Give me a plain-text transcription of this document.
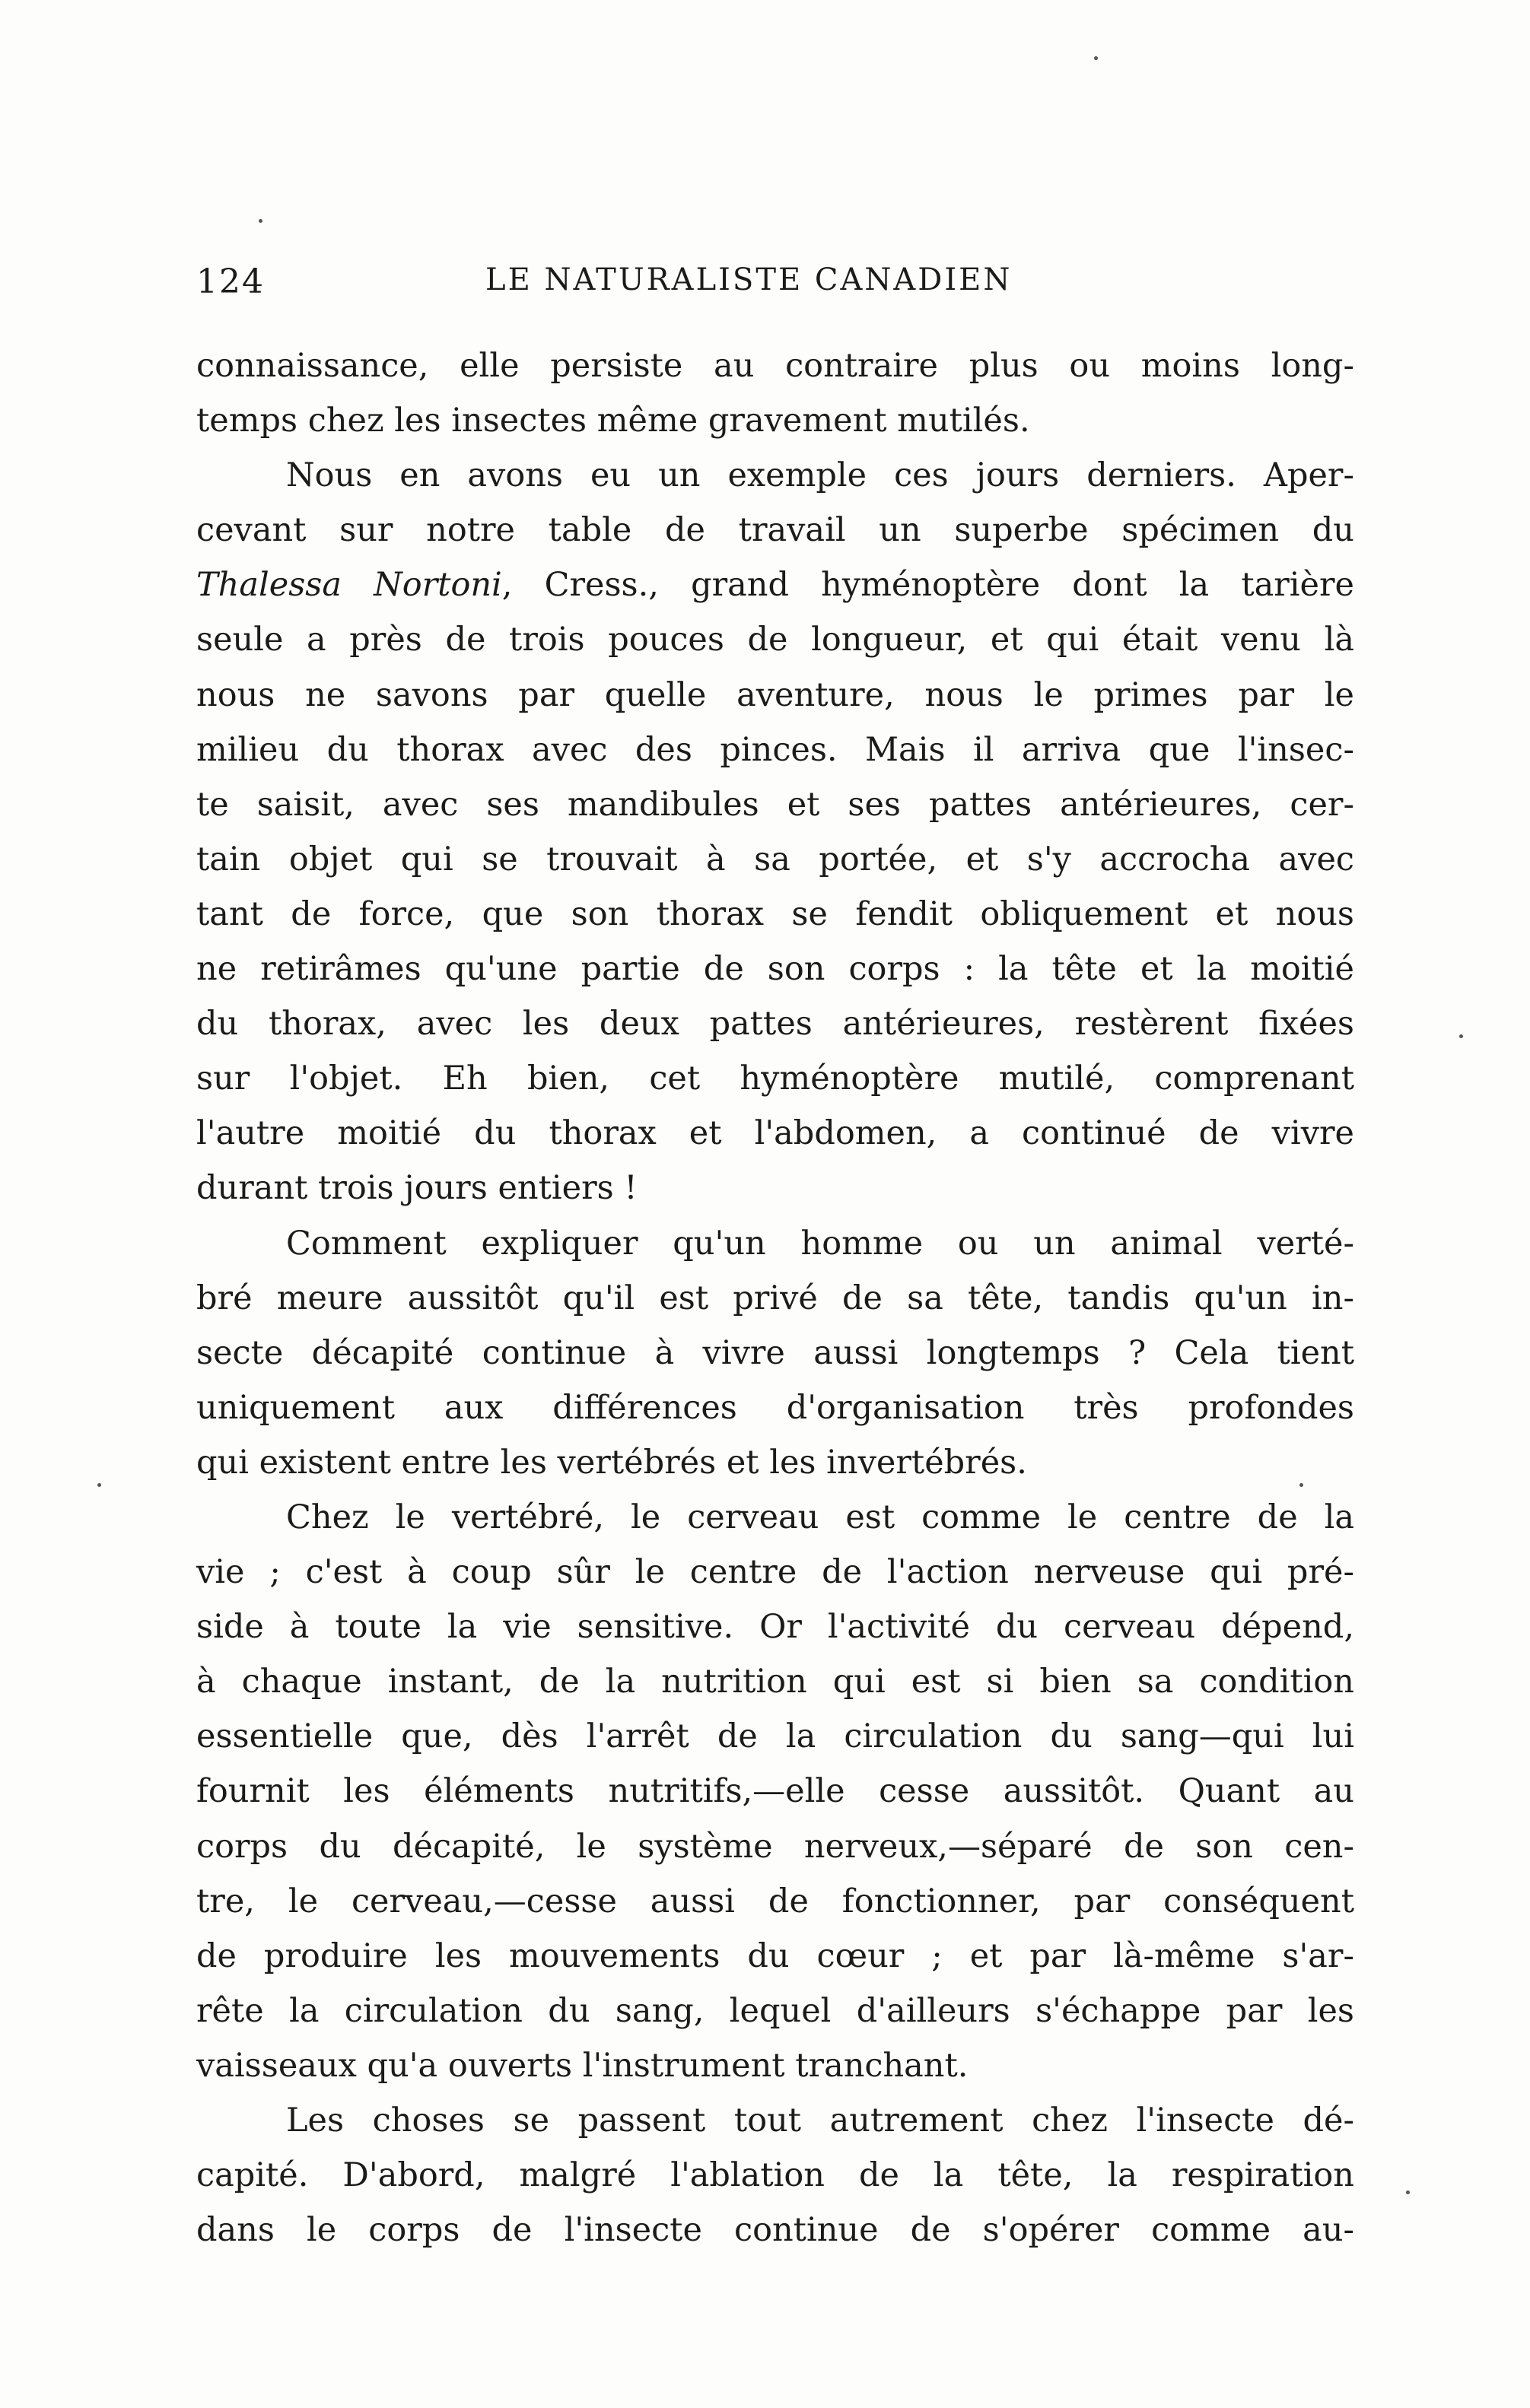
124	LE NATURALISTE CANADIEN
connaissance, elle persiste au contraire plus ou moins long-
temps chez les insectes même gravement mutilés.
Nous en avons eu un exemple ces jours derniers. Aper-
cevant sur notre table de travail un superbe spécimen du
Thalessa Nortoni, Cress., grand hyménoptère dont la tarière
seule a près de trois pouces de longueur, et qui était venu là
nous ne savons par quelle aventure, nous le primes par le
milieu du thorax avec des pinces. Mais il arriva que l'insec-
te saisit, avec ses mandibules et ses pattes antérieures, cer-
tain objet qui se trouvait à sa portée, et s'y accrocha avec
tant de force, que son thorax se fendit obliquement et nous
ne retirâmes qu'une partie de son corps : la tête et la moitié
du thorax, avec les deux pattes antérieures, restèrent fixées
sur l'objet. Eh bien, cet hyménoptère mutilé, comprenant
l'autre moitié du thorax et l'abdomen, a continué de vivre
durant trois jours entiers !
Comment expliquer qu'un homme ou un animal verté-
bré meure aussitôt qu'il est privé de sa tête, tandis qu'un in-
secte décapité continue à vivre aussi longtemps ? Cela tient
uniquement aux différences d'organisation très profondes
qui existent entre les vertébrés et les invertébrés.
Chez le vertébré, le cerveau est comme le centre de la
vie ; c'est à coup sûr le centre de l'action nerveuse qui pré-
side à toute la vie sensitive. Or l'activité du cerveau dépend,
à chaque instant, de la nutrition qui est si bien sa condition
essentielle que, dès l'arrêt de la circulation du sang—qui lui
fournit les éléments nutritifs,—elle cesse aussitôt. Quant au
corps du décapité, le système nerveux,—séparé de son cen-
tre, le cerveau,—cesse aussi de fonctionner, par conséquent
de produire les mouvements du cœur ; et par là-même s'ar-
rête la circulation du sang, lequel d'ailleurs s'échappe par les
vaisseaux qu'a ouverts l'instrument tranchant.
Les choses se passent tout autrement chez l'insecte dé-
capité. D'abord, malgré l'ablation de la tête, la respiration
dans le corps de l'insecte continue de s'opérer comme au-
